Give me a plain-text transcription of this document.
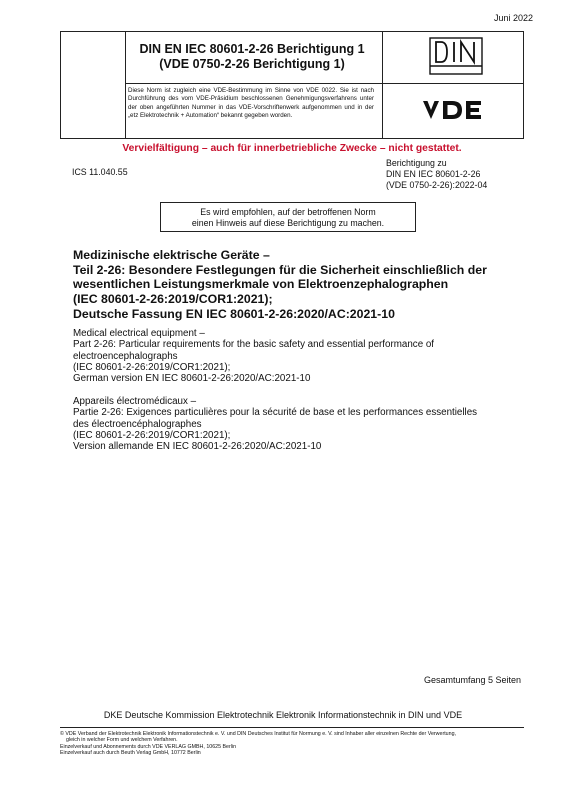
Juni 2022
DIN EN IEC 80601-2-26 Berichtigung 1
(VDE 0750-2-26 Berichtigung 1)
Diese Norm ist zugleich eine VDE-Bestimmung im Sinne von VDE 0022. Sie ist nach Durchführung des vom VDE-Präsidium beschlossenen Genehmigungsverfahrens unter der oben angeführten Nummer in das VDE-Vorschriftenwerk aufgenommen und in der „etz Elektrotechnik + Automation“ bekannt gegeben worden.
Vervielfältigung – auch für innerbetriebliche Zwecke – nicht gestattet.
ICS 11.040.55
Berichtigung zu
DIN EN IEC 80601-2-26
(VDE 0750-2-26):2022-04
Es wird empfohlen, auf der betroffenen Norm
einen Hinweis auf diese Berichtigung zu machen.
Medizinische elektrische Geräte –
Teil 2-26: Besondere Festlegungen für die Sicherheit einschließlich der
wesentlichen Leistungsmerkmale von Elektroenzephalographen
(IEC 80601-2-26:2019/COR1:2021);
Deutsche Fassung EN IEC 80601-2-26:2020/AC:2021-10
Medical electrical equipment –
Part 2-26: Particular requirements for the basic safety and essential performance of
electroencephalographs
(IEC 80601-2-26:2019/COR1:2021);
German version EN IEC 80601-2-26:2020/AC:2021-10
Appareils électromédicaux –
Partie 2-26: Exigences particulières pour la sécurité de base et les performances essentielles
des électroencéphalographes
(IEC 80601-2-26:2019/COR1:2021);
Version allemande EN IEC 80601-2-26:2020/AC:2021-10
Gesamtumfang 5 Seiten
DKE Deutsche Kommission Elektrotechnik Elektronik Informationstechnik in DIN und VDE
© VDE Verband der Elektrotechnik Elektronik Informationstechnik e. V. und DIN Deutsches Institut für Normung e. V. sind Inhaber aller einzelnen Rechte der Verwertung,
gleich in welcher Form und welchem Verfahren.
Einzelverkauf und Abonnements durch VDE VERLAG GMBH, 10625 Berlin
Einzelverkauf auch durch Beuth Verlag GmbH, 10772 Berlin
